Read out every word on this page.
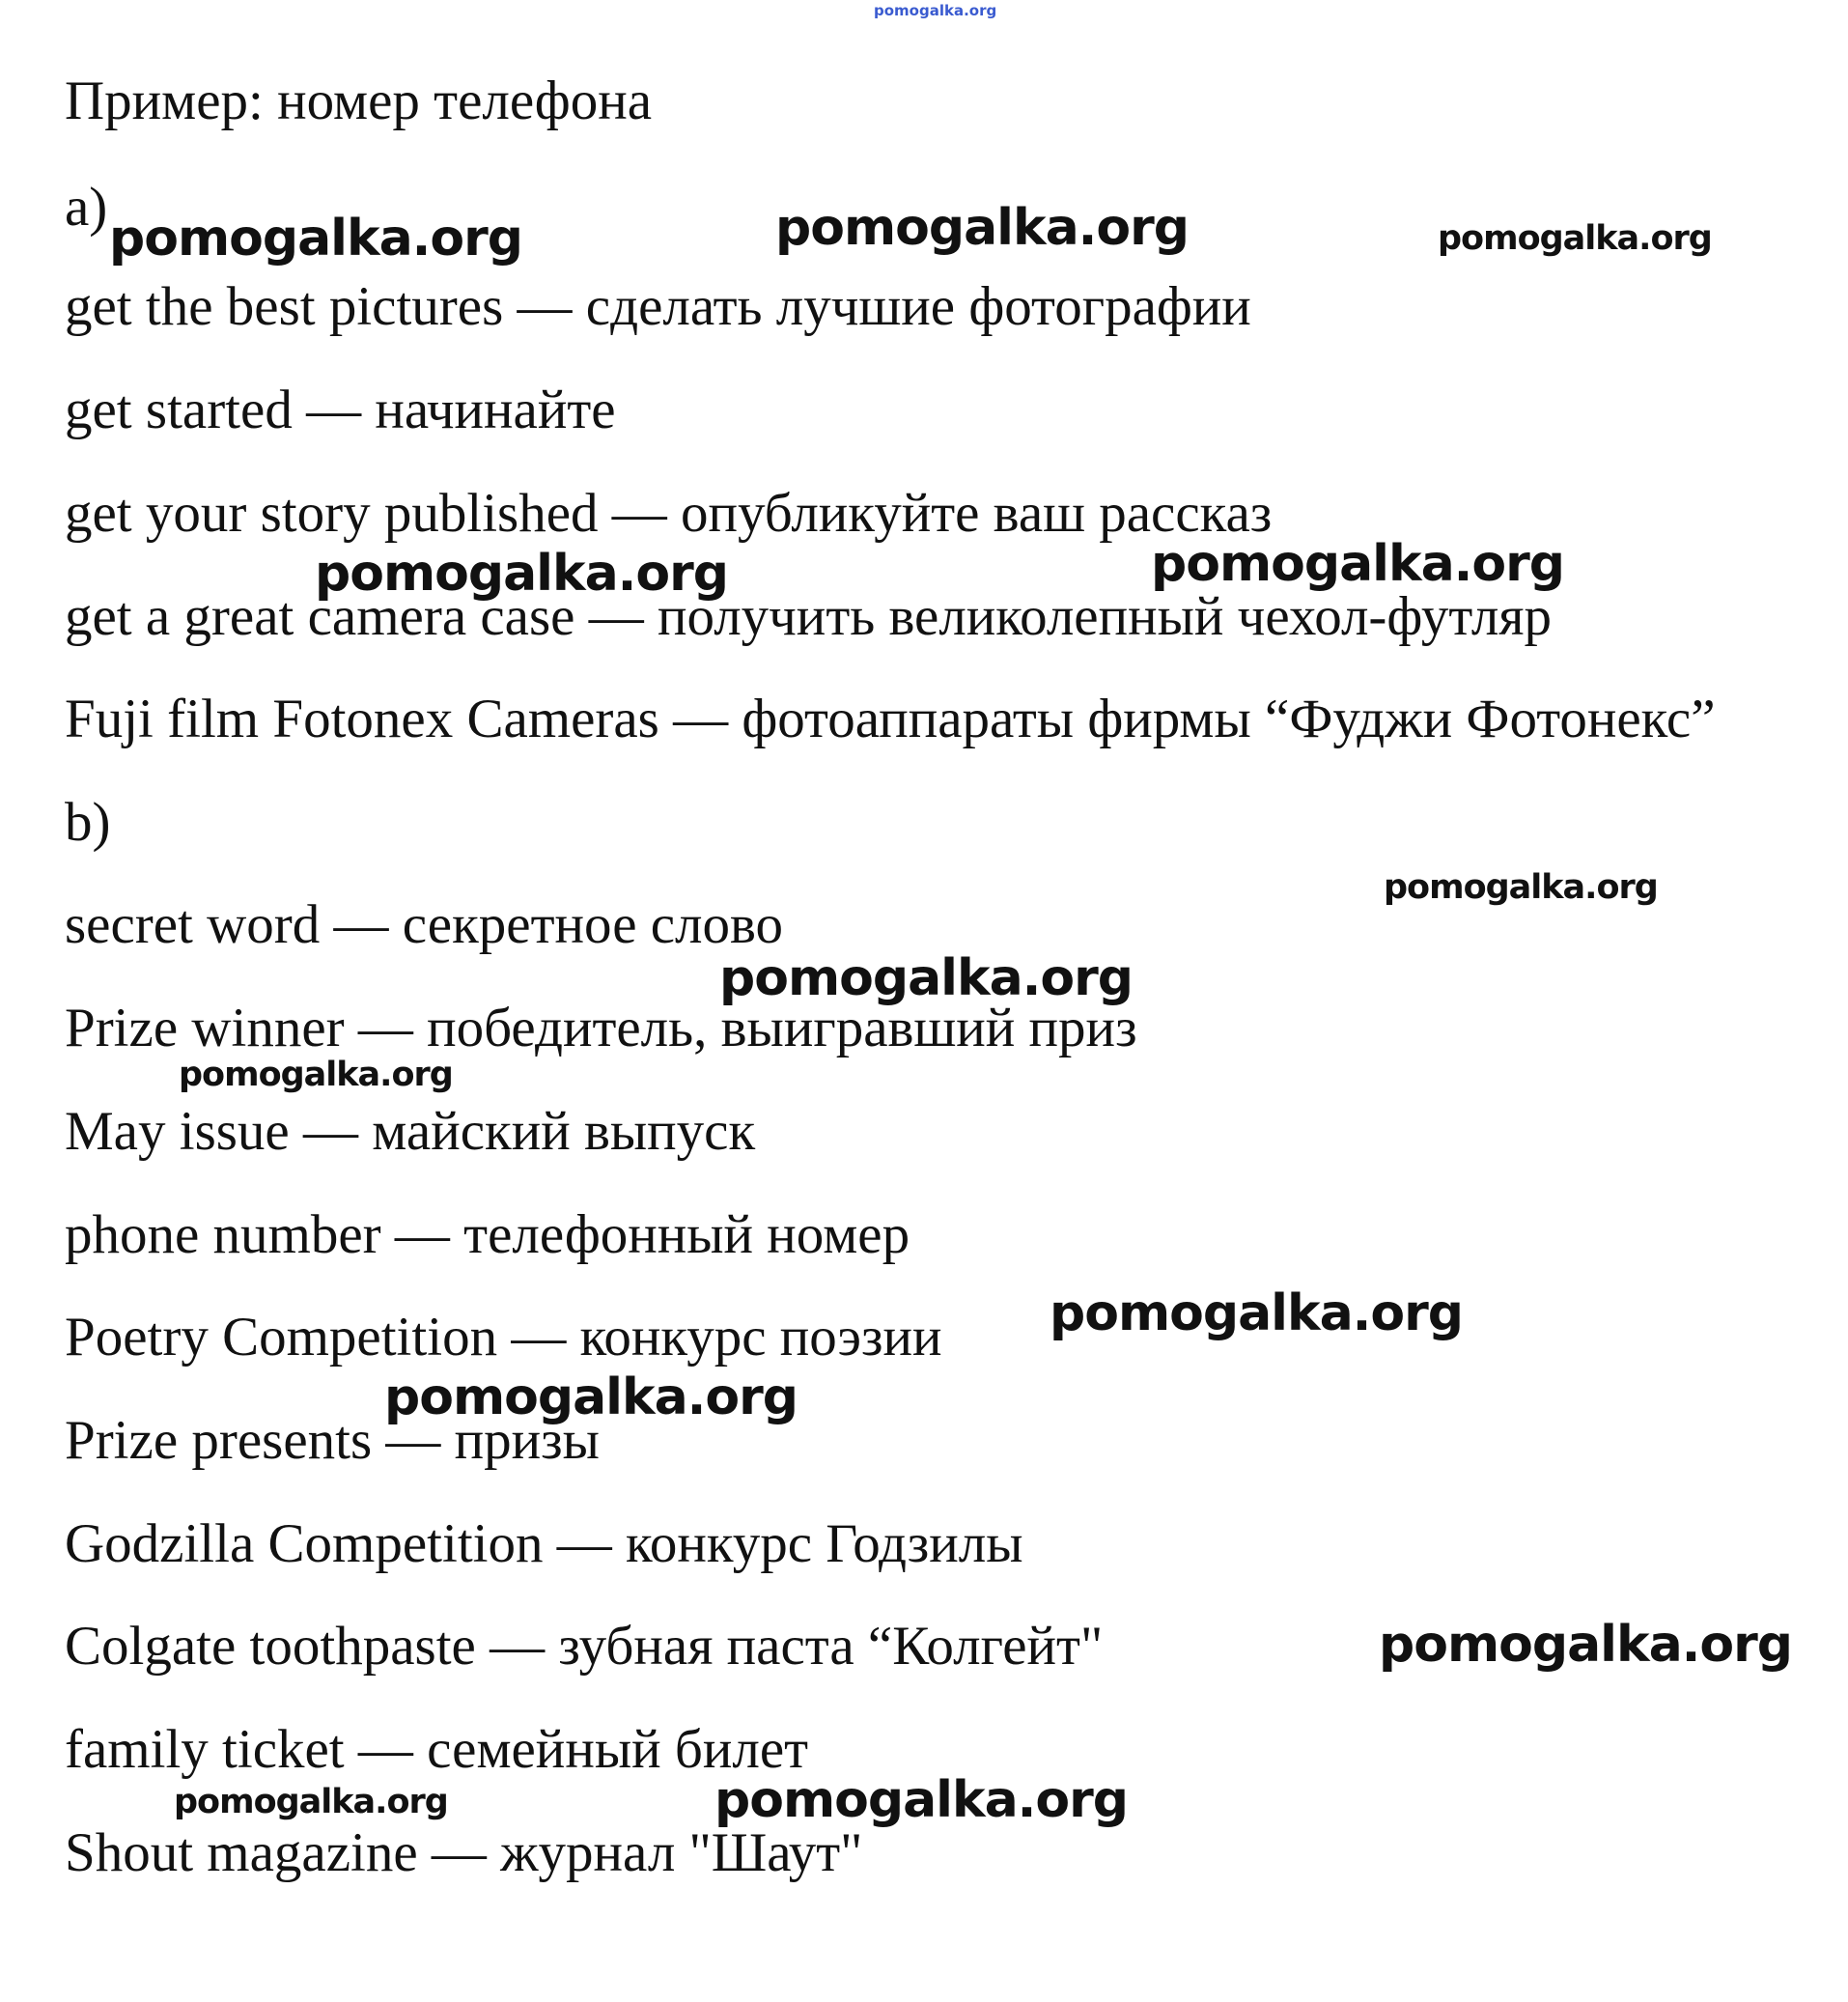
pomogalka.org

Пример: номер телефона

a)

get the best pictures — сделать лучшие фотографии

get started — начинайте

get your story published — опубликуйте ваш рассказ

get a great camera case — получить великолепный чехол-футляр

Fuji film Fotonex Cameras — фотоаппараты фирмы “Фуджи Фотонекс”

b)

secret word — секретное слово

Prize winner — победитель, выигравший приз

May issue — майский выпуск

phone number — телефонный номер

Poetry Competition — конкурс поэзии

Prize presents — призы

Godzilla Competition — конкурс Годзилы

Colgate toothpaste — зубная паста “Колгейт"

family ticket — семейный билет

Shout magazine — журнал "Шаут"

pomogalka.org	pomogalka.org	pomogalka.org
pomogalka.org	pomogalka.org
pomogalka.org
pomogalka.org
pomogalka.org
pomogalka.org
pomogalka.org
pomogalka.org
pomogalka.org	pomogalka.org
